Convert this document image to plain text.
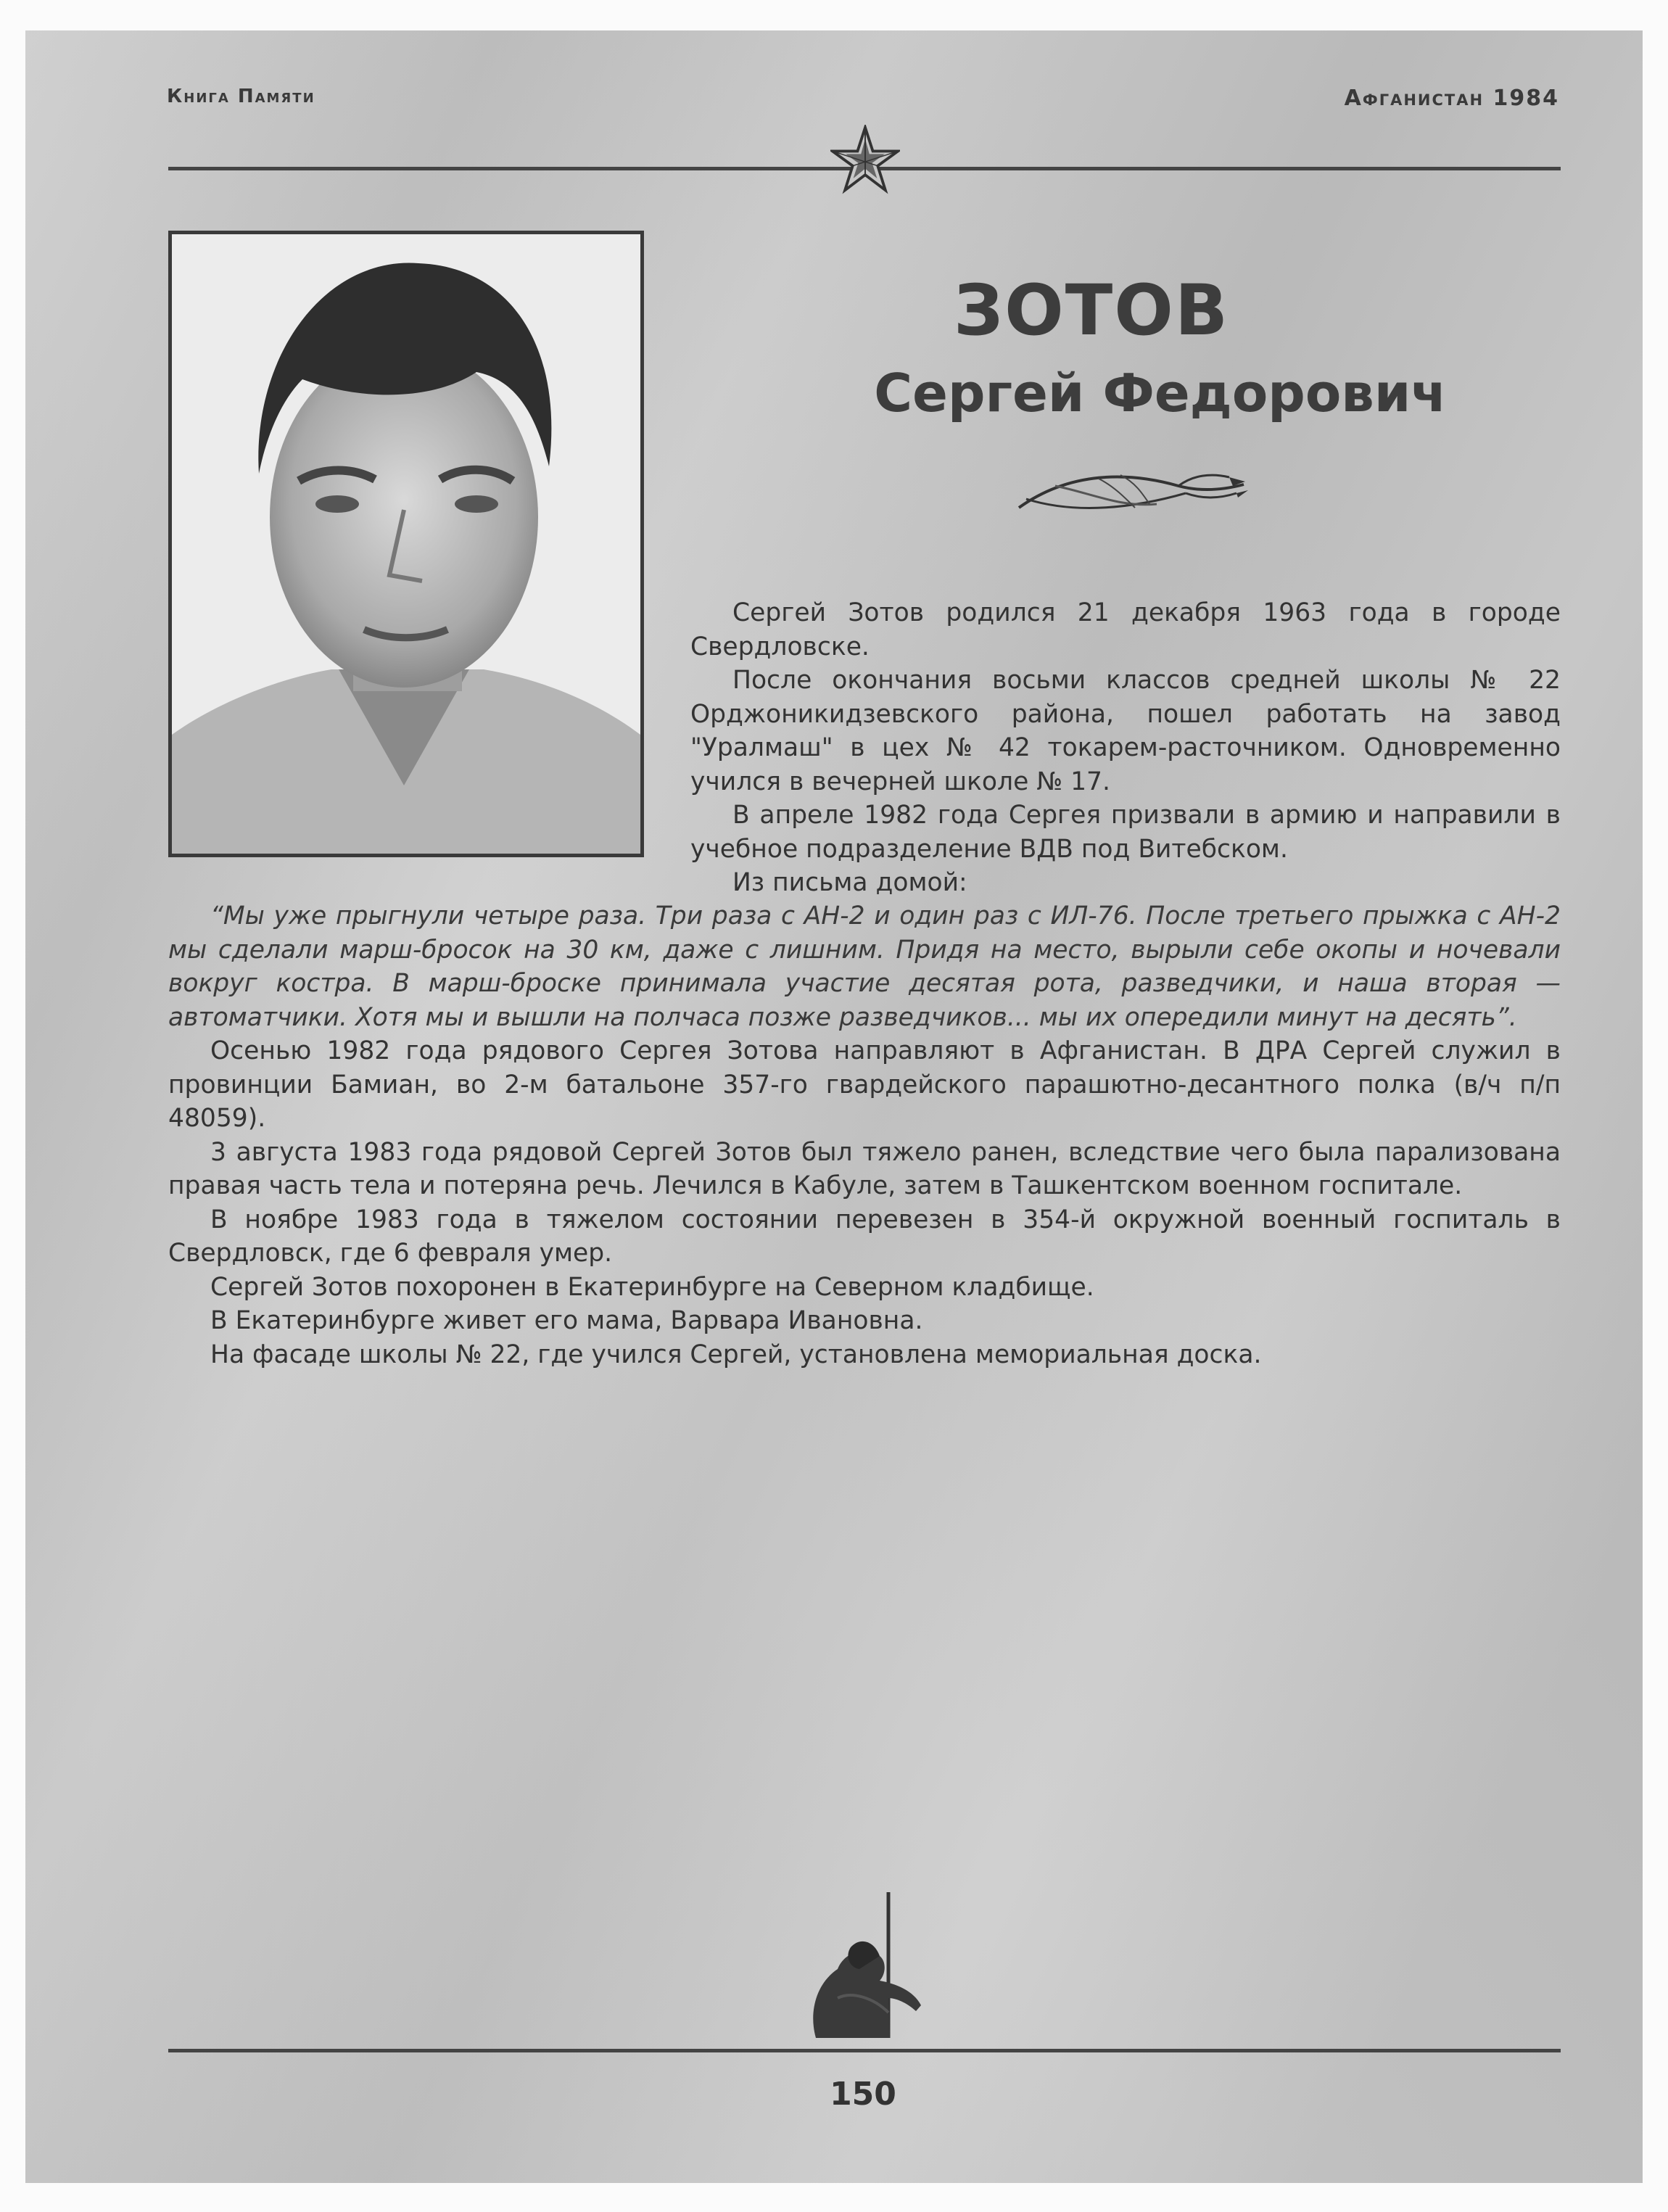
Книга Памяти	Афганистан 1984
ЗОТОВ
Сергей Федорович

Сергей Зотов родился 21 декабря 1963 года в городе Свердловске.

После окончания восьми классов средней школы № 22 Орджоникидзевского района, пошел работать на завод "Уралмаш" в цех № 42 токарем-расточником. Одновременно учился в вечерней школе № 17.

В апреле 1982 года Сергея призвали в армию и направили в учебное подразделение ВДВ под Витебском.

Из письма домой:

“Мы уже прыгнули четыре раза. Три раза с АН-2 и один раз с ИЛ-76. После третьего прыжка с АН-2 мы сделали марш-бросок на 30 км, даже с лишним. Придя на место, вырыли себе окопы и ночевали вокруг костра. В марш-броске принимала участие десятая рота, разведчики, и наша вторая — автоматчики. Хотя мы и вышли на полчаса позже разведчиков... мы их опередили минут на десять”.

Осенью 1982 года рядового Сергея Зотова направляют в Афганистан. В ДРА Сергей служил в провинции Бамиан, во 2-м батальоне 357-го гвардейского парашютно-десантного полка (в/ч п/п 48059).

3 августа 1983 года рядовой Сергей Зотов был тяжело ранен, вследствие чего была парализована правая часть тела и потеряна речь. Лечился в Кабуле, затем в Ташкентском военном госпитале.

В ноябре 1983 года в тяжелом состоянии перевезен в 354-й окружной военный госпиталь в Свердловск, где 6 февраля умер.

Сергей Зотов похоронен в Екатеринбурге на Северном кладбище.

В Екатеринбурге живет его мама, Варвара Ивановна.

На фасаде школы № 22, где учился Сергей, установлена мемориальная доска.

150
